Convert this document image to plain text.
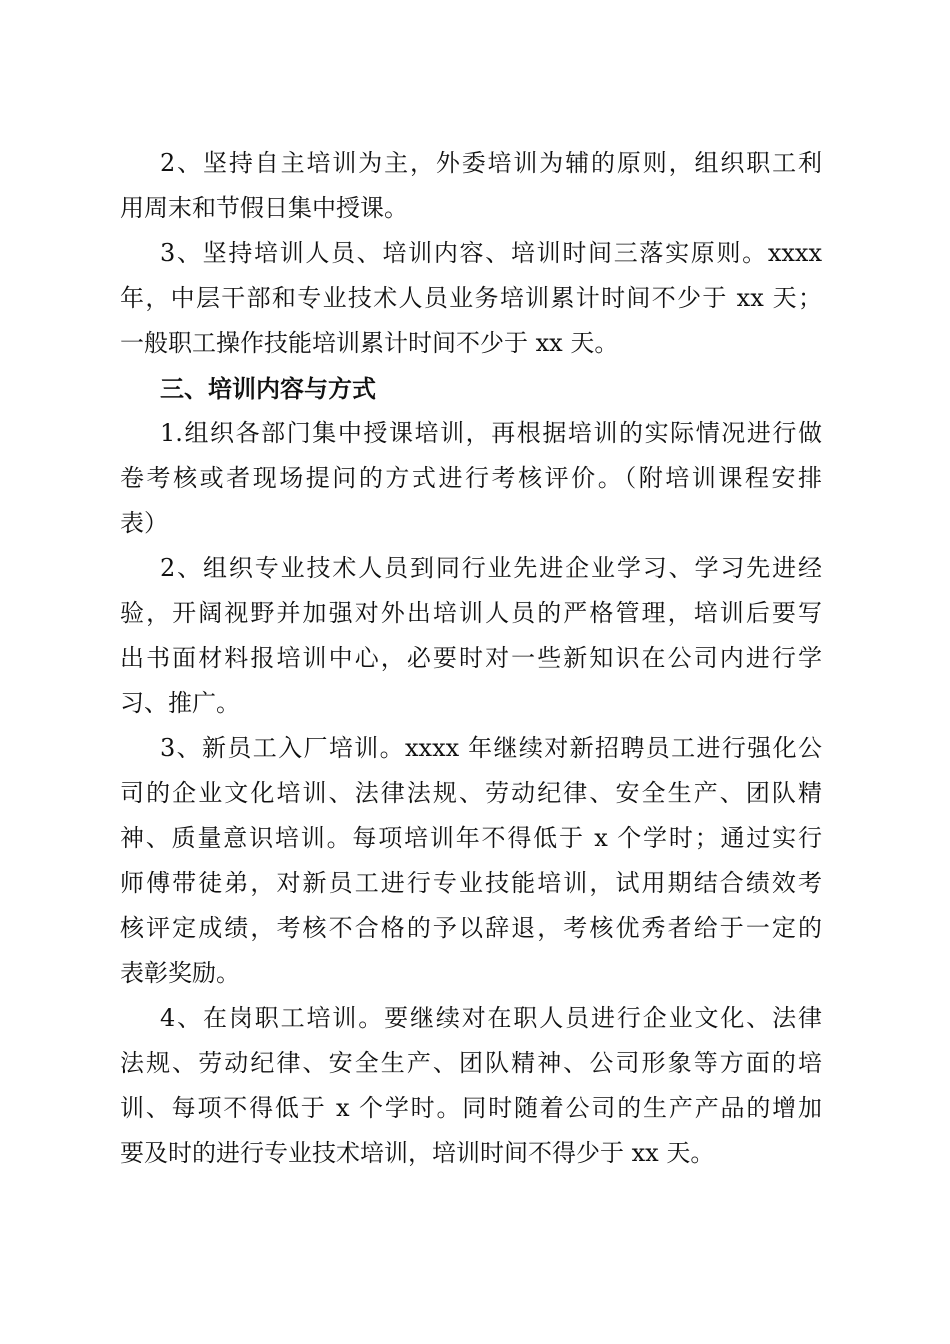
2、坚持自主培训为主，外委培训为辅的原则，组织职工利
用周末和节假日集中授课。
3、坚持培训人员、培训内容、培训时间三落实原则。xxxx
年，中层干部和专业技术人员业务培训累计时间不少于 xx 天；
一般职工操作技能培训累计时间不少于 xx 天。
三、培训内容与方式
1.组织各部门集中授课培训，再根据培训的实际情况进行做
卷考核或者现场提问的方式进行考核评价。（附培训课程安排
表）
2、组织专业技术人员到同行业先进企业学习、学习先进经
验，开阔视野并加强对外出培训人员的严格管理，培训后要写
出书面材料报培训中心，必要时对一些新知识在公司内进行学
习、推广。
3、新员工入厂培训。xxxx 年继续对新招聘员工进行强化公
司的企业文化培训、法律法规、劳动纪律、安全生产、团队精
神、质量意识培训。每项培训年不得低于 x 个学时；通过实行
师傅带徒弟，对新员工进行专业技能培训，试用期结合绩效考
核评定成绩，考核不合格的予以辞退，考核优秀者给于一定的
表彰奖励。
4、在岗职工培训。要继续对在职人员进行企业文化、法律
法规、劳动纪律、安全生产、团队精神、公司形象等方面的培
训、每项不得低于 x 个学时。同时随着公司的生产产品的增加
要及时的进行专业技术培训，培训时间不得少于 xx 天。
